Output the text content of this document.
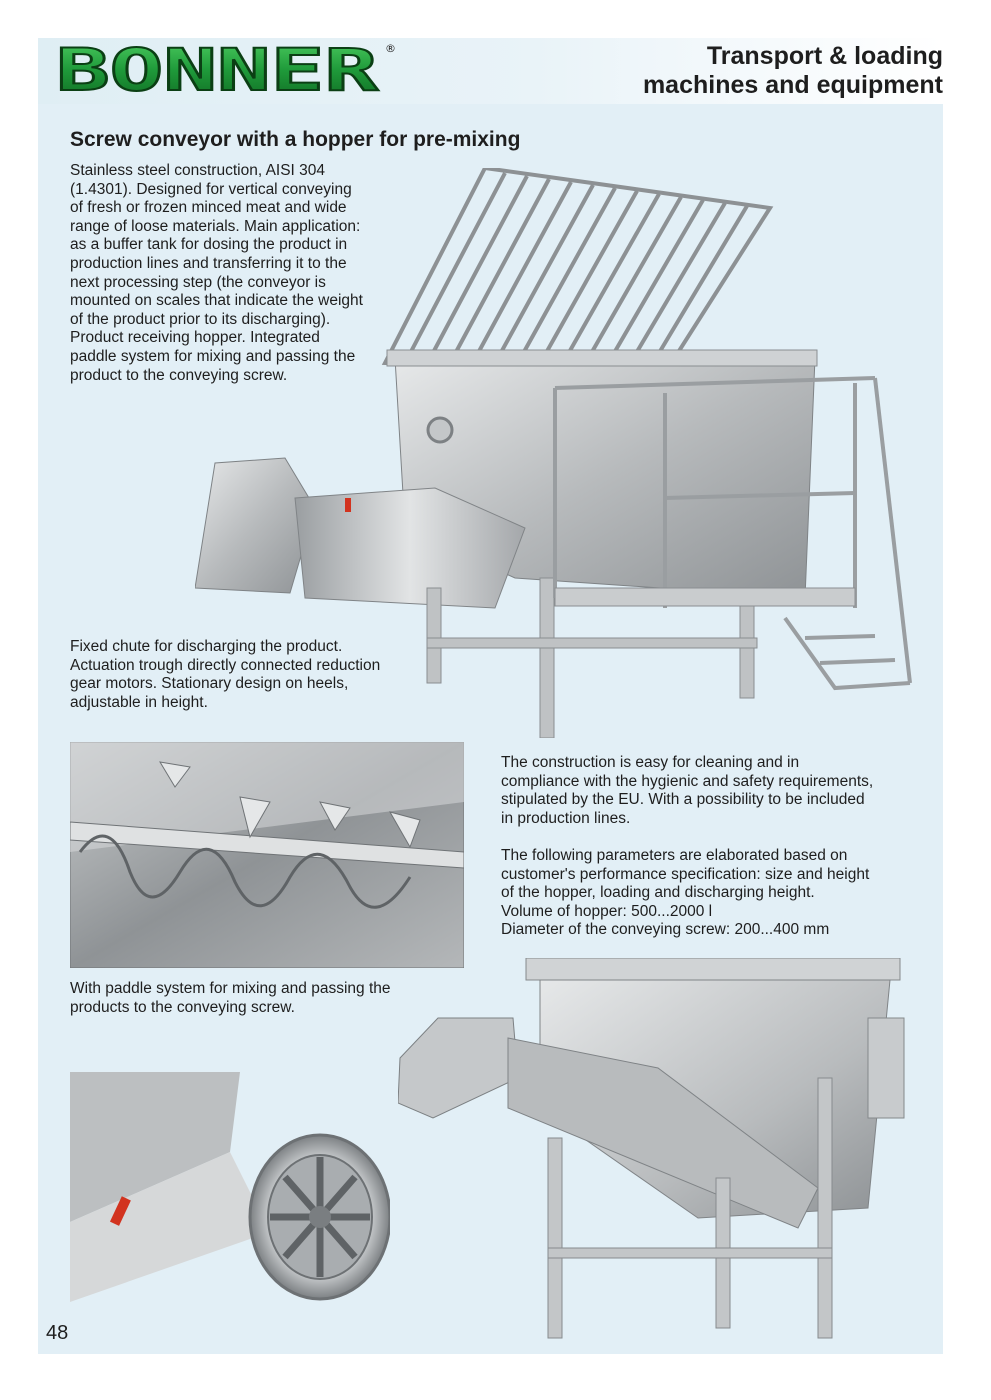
BONNER ®	Transport & loading
machines and equipment
Screw conveyor with a hopper for pre-mixing
Stainless steel construction, AISI 304
(1.4301). Designed for vertical conveying
of fresh or frozen minced meat and wide
range of loose materials. Main application:
as a buffer tank for dosing the product in
production lines and transferring it to the
next processing step (the conveyor is
mounted on scales that indicate the weight
of the product prior to its discharging).
Product receiving hopper. Integrated
paddle system for mixing and passing the
product to the conveying screw.
Fixed chute for discharging the product.
Actuation trough directly connected reduction
gear motors. Stationary design on heels,
adjustable in height.
With paddle system for mixing and passing the
products to the conveying screw.
The construction is easy for cleaning and in
compliance with the hygienic and safety requirements,
stipulated by the EU. With a possibility to be included
in production lines.
The following parameters are elaborated based on
customer's performance specification: size and height
of the hopper, loading and discharging height.
Volume of hopper: 500...2000 l
Diameter of the conveying screw: 200...400 mm
48
